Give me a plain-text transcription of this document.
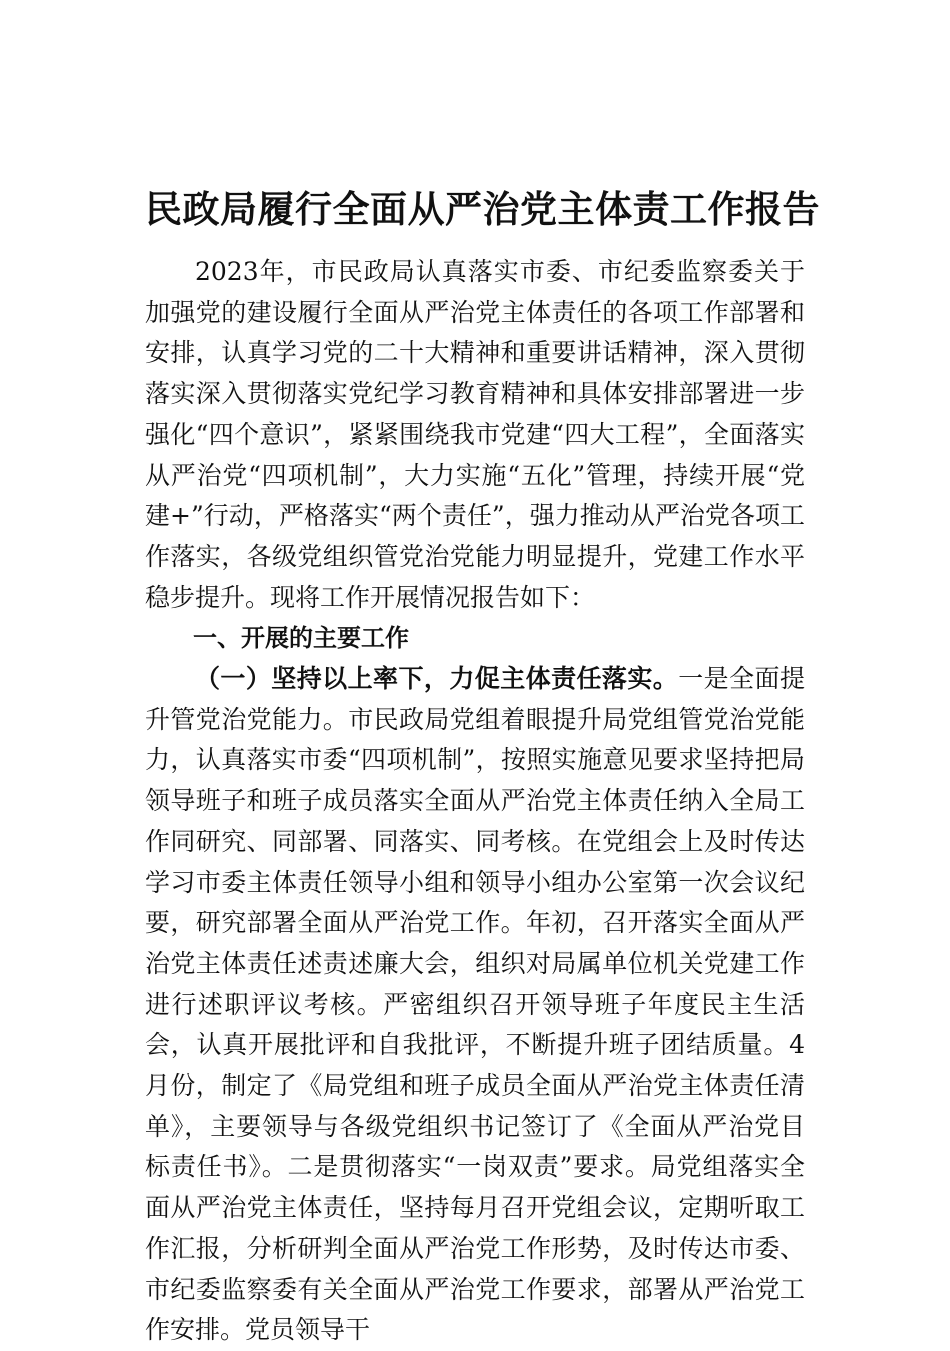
民政局履行全面从严治党主体责工作报告

2023年，市民政局认真落实市委、市纪委监察委关于加强党的建设履行全面从严治党主体责任的各项工作部署和安排，认真学习党的二十大精神和重要讲话精神，深入贯彻落实深入贯彻落实党纪学习教育精神和具体安排部署进一步强化“四个意识”，紧紧围绕我市党建“四大工程”，全面落实从严治党“四项机制”，大力实施“五化”管理，持续开展“党建+”行动，严格落实“两个责任”，强力推动从严治党各项工作落实，各级党组织管党治党能力明显提升，党建工作水平稳步提升。现将工作开展情况报告如下：

一、开展的主要工作

（一）坚持以上率下，力促主体责任落实。一是全面提升管党治党能力。市民政局党组着眼提升局党组管党治党能力，认真落实市委“四项机制”，按照实施意见要求坚持把局领导班子和班子成员落实全面从严治党主体责任纳入全局工作同研究、同部署、同落实、同考核。在党组会上及时传达学习市委主体责任领导小组和领导小组办公室第一次会议纪要，研究部署全面从严治党工作。年初，召开落实全面从严治党主体责任述责述廉大会，组织对局属单位机关党建工作进行述职评议考核。严密组织召开领导班子年度民主生活会，认真开展批评和自我批评，不断提升班子团结质量。4月份，制定了《局党组和班子成员全面从严治党主体责任清单》，主要领导与各级党组织书记签订了《全面从严治党目标责任书》。二是贯彻落实“一岗双责”要求。局党组落实全面从严治党主体责任，坚持每月召开党组会议，定期听取工作汇报，分析研判全面从严治党工作形势，及时传达市委、市纪委监察委有关全面从严治党工作要求，部署从严治党工作安排。党员领导干
